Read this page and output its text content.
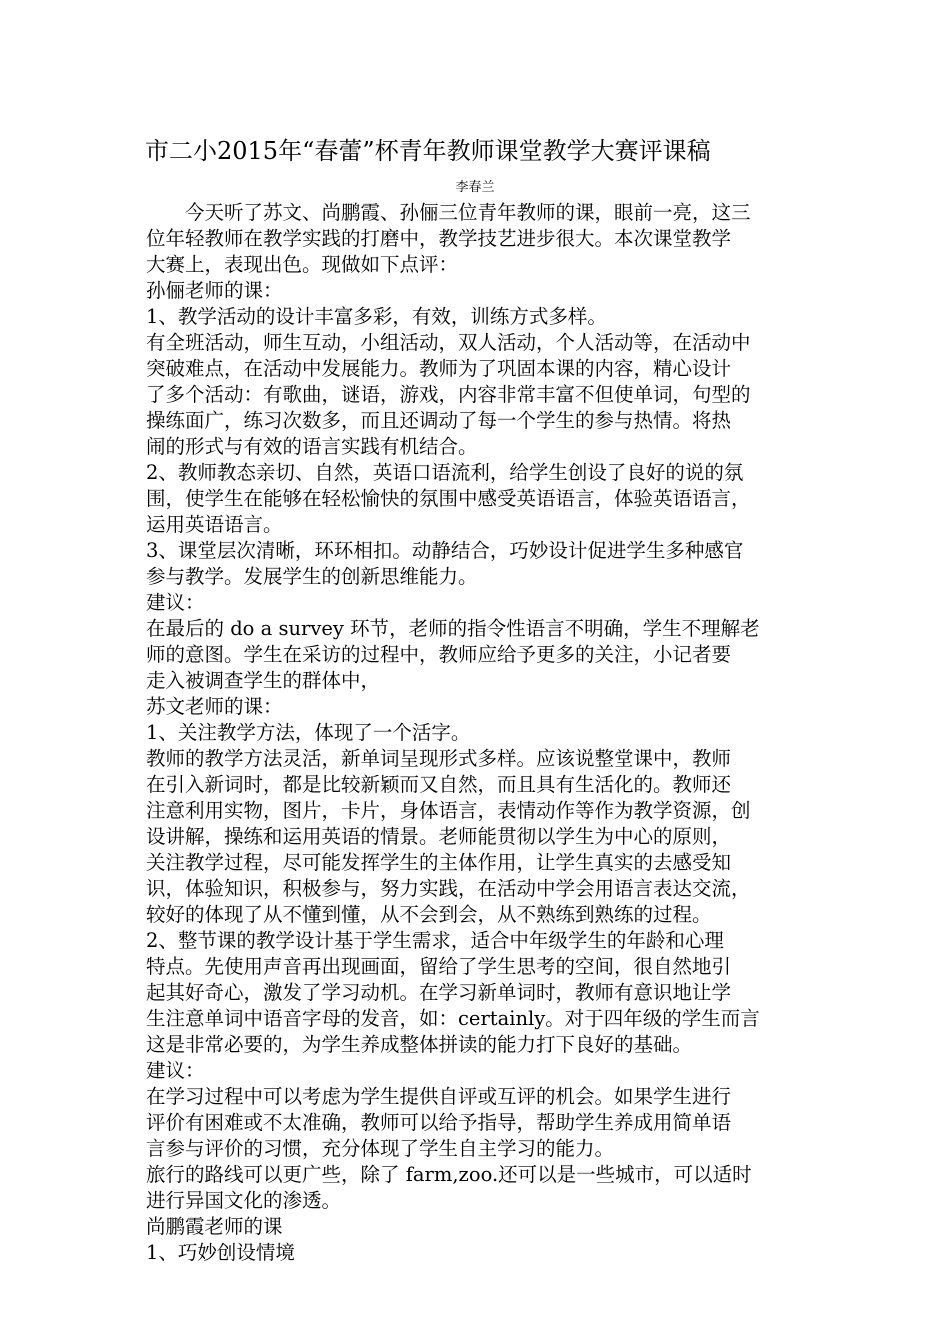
市二小2015年“春蕾”杯青年教师课堂教学大赛评课稿
李春兰
今天听了苏文、尚鹏霞、孙俪三位青年教师的课，眼前一亮，这三
位年轻教师在教学实践的打磨中，教学技艺进步很大。本次课堂教学
大赛上，表现出色。现做如下点评：
孙俪老师的课：
1、教学活动的设计丰富多彩，有效，训练方式多样。
有全班活动，师生互动，小组活动，双人活动，个人活动等，在活动中
突破难点，在活动中发展能力。教师为了巩固本课的内容，精心设计
了多个活动：有歌曲，谜语，游戏，内容非常丰富不但使单词，句型的
操练面广，练习次数多，而且还调动了每一个学生的参与热情。将热
闹的形式与有效的语言实践有机结合。
2、教师教态亲切、自然，英语口语流利，给学生创设了良好的说的氛
围，使学生在能够在轻松愉快的氛围中感受英语语言，体验英语语言，
运用英语语言。
3、课堂层次清晰，环环相扣。动静结合，巧妙设计促进学生多种感官
参与教学。发展学生的创新思维能力。
建议：
在最后的 do a survey 环节，老师的指令性语言不明确，学生不理解老
师的意图。学生在采访的过程中，教师应给予更多的关注，小记者要
走入被调查学生的群体中，
苏文老师的课：
1、关注教学方法，体现了一个活字。
教师的教学方法灵活，新单词呈现形式多样。应该说整堂课中，教师
在引入新词时，都是比较新颖而又自然，而且具有生活化的。教师还
注意利用实物，图片，卡片，身体语言，表情动作等作为教学资源，创
设讲解，操练和运用英语的情景。老师能贯彻以学生为中心的原则，
关注教学过程，尽可能发挥学生的主体作用，让学生真实的去感受知
识，体验知识，积极参与，努力实践，在活动中学会用语言表达交流，
较好的体现了从不懂到懂，从不会到会，从不熟练到熟练的过程。
2、整节课的教学设计基于学生需求，适合中年级学生的年龄和心理
特点。先使用声音再出现画面，留给了学生思考的空间，很自然地引
起其好奇心，激发了学习动机。在学习新单词时，教师有意识地让学
生注意单词中语音字母的发音，如：certainly。对于四年级的学生而言
这是非常必要的，为学生养成整体拼读的能力打下良好的基础。
建议：
在学习过程中可以考虑为学生提供自评或互评的机会。如果学生进行
评价有困难或不太准确，教师可以给予指导，帮助学生养成用简单语
言参与评价的习惯，充分体现了学生自主学习的能力。
旅行的路线可以更广些，除了 farm,zoo.还可以是一些城市，可以适时
进行异国文化的渗透。
尚鹏霞老师的课
1、巧妙创设情境
